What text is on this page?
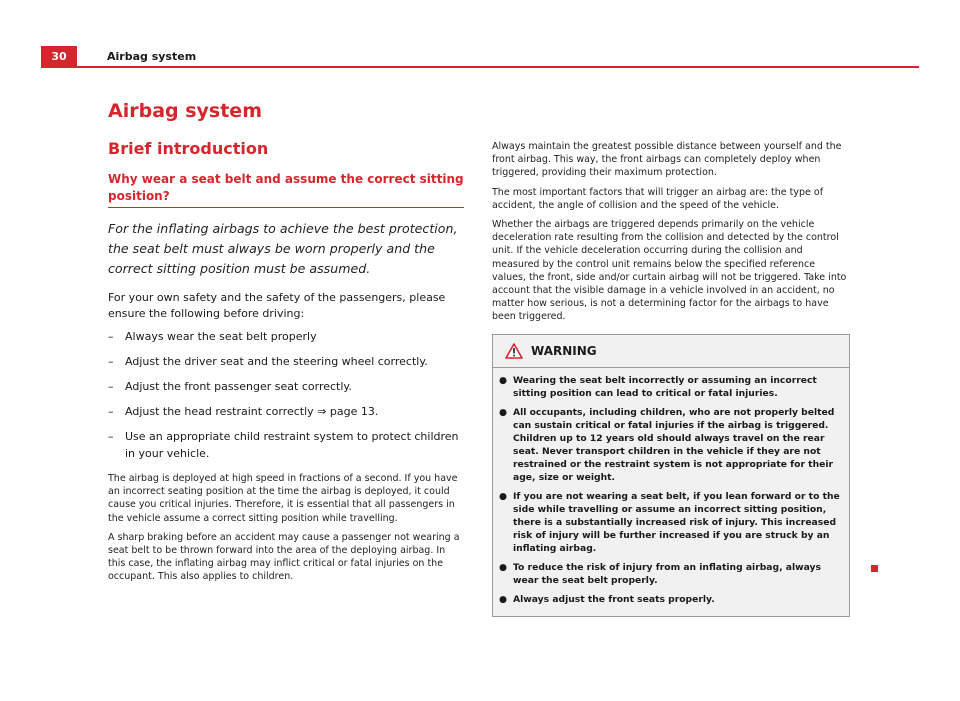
30	Airbag system
Airbag system
Brief introduction
Why wear a seat belt and assume the correct sitting position?

For the inflating airbags to achieve the best protection, the seat belt must always be worn properly and the correct sitting position must be assumed.

For your own safety and the safety of the passengers, please ensure the following before driving:

– Always wear the seat belt properly
– Adjust the driver seat and the steering wheel correctly.
– Adjust the front passenger seat correctly.
– Adjust the head restraint correctly ⇒ page 13.
– Use an appropriate child restraint system to protect children in your vehicle.

The airbag is deployed at high speed in fractions of a second. If you have an incorrect seating position at the time the airbag is deployed, it could cause you critical injuries. Therefore, it is essential that all passengers in the vehicle assume a correct sitting position while travelling.

A sharp braking before an accident may cause a passenger not wearing a seat belt to be thrown forward into the area of the deploying airbag. In this case, the inflating airbag may inflict critical or fatal injuries on the occupant. This also applies to children.

Always maintain the greatest possible distance between yourself and the front airbag. This way, the front airbags can completely deploy when triggered, providing their maximum protection.

The most important factors that will trigger an airbag are: the type of accident, the angle of collision and the speed of the vehicle.

Whether the airbags are triggered depends primarily on the vehicle deceleration rate resulting from the collision and detected by the control unit. If the vehicle deceleration occurring during the collision and measured by the control unit remains below the specified reference values, the front, side and/or curtain airbag will not be triggered. Take into account that the visible damage in a vehicle involved in an accident, no matter how serious, is not a determining factor for the airbags to have been triggered.

WARNING

● Wearing the seat belt incorrectly or assuming an incorrect sitting position can lead to critical or fatal injuries.

● All occupants, including children, who are not properly belted can sustain critical or fatal injuries if the airbag is triggered. Children up to 12 years old should always travel on the rear seat. Never transport children in the vehicle if they are not restrained or the restraint system is not appropriate for their age, size or weight.

● If you are not wearing a seat belt, if you lean forward or to the side while travelling or assume an incorrect sitting position, there is a substantially increased risk of injury. This increased risk of injury will be further increased if you are struck by an inflating airbag.

● To reduce the risk of injury from an inflating airbag, always wear the seat belt properly.

● Always adjust the front seats properly.
